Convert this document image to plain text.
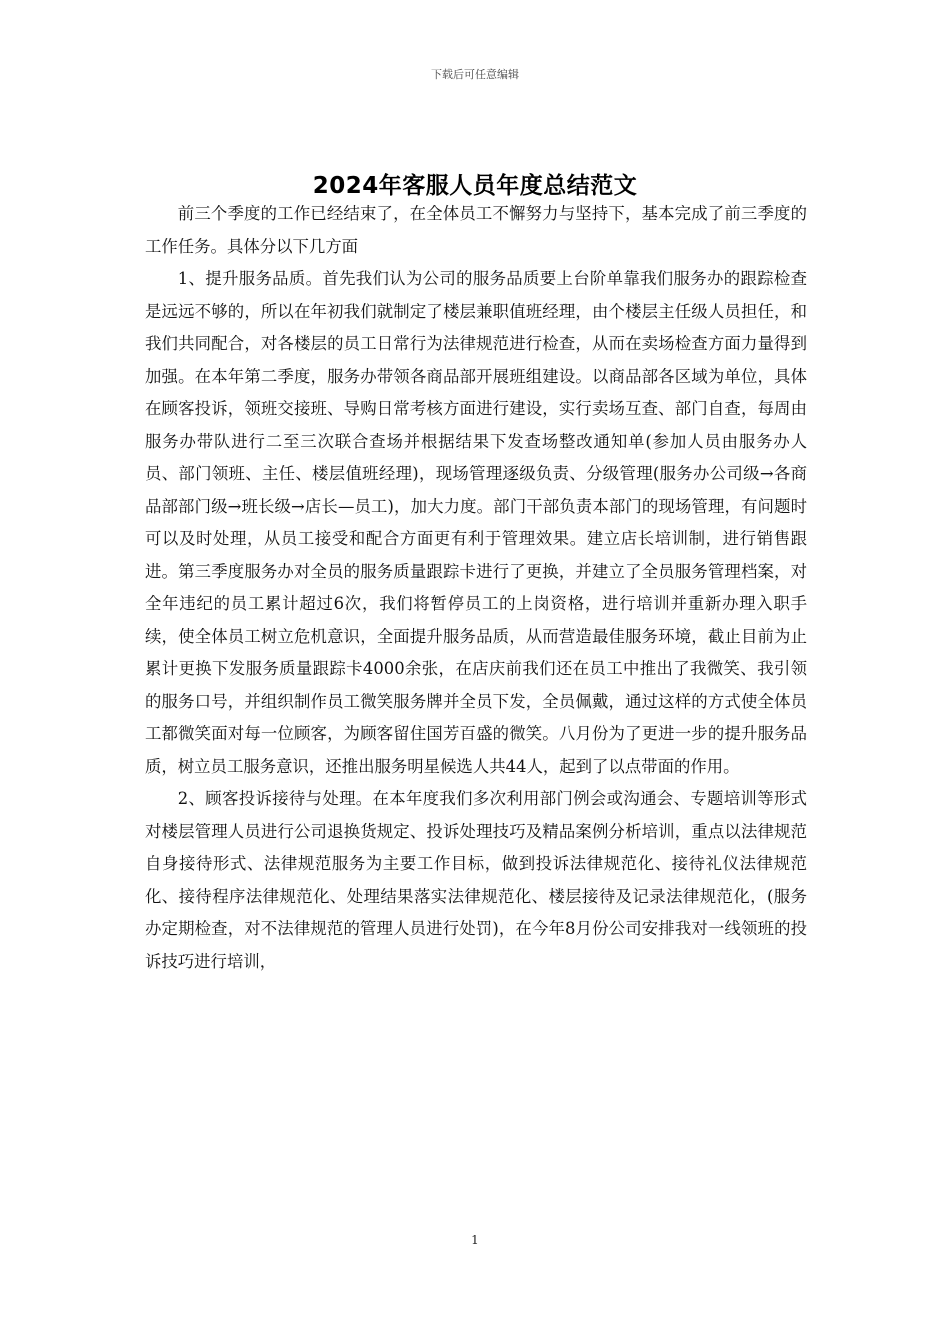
下载后可任意编辑
2024年客服人员年度总结范文

前三个季度的工作已经结束了，在全体员工不懈努力与坚持下，基本完成了前三季度的工作任务。具体分以下几方面

1、提升服务品质。首先我们认为公司的服务品质要上台阶单靠我们服务办的跟踪检查是远远不够的，所以在年初我们就制定了楼层兼职值班经理，由个楼层主任级人员担任，和我们共同配合，对各楼层的员工日常行为法律规范进行检查，从而在卖场检查方面力量得到加强。在本年第二季度，服务办带领各商品部开展班组建设。以商品部各区域为单位，具体在顾客投诉，领班交接班、导购日常考核方面进行建设，实行卖场互查、部门自查，每周由服务办带队进行二至三次联合查场并根据结果下发查场整改通知单(参加人员由服务办人员、部门领班、主任、楼层值班经理)，现场管理逐级负责、分级管理(服务办公司级→各商品部部门级→班长级→店长—员工)，加大力度。部门干部负责本部门的现场管理，有问题时可以及时处理，从员工接受和配合方面更有利于管理效果。建立店长培训制，进行销售跟进。第三季度服务办对全员的服务质量跟踪卡进行了更换，并建立了全员服务管理档案，对全年违纪的员工累计超过6次，我们将暂停员工的上岗资格，进行培训并重新办理入职手续，使全体员工树立危机意识，全面提升服务品质，从而营造最佳服务环境，截止目前为止累计更换下发服务质量跟踪卡4000余张，在店庆前我们还在员工中推出了我微笑、我引领的服务口号，并组织制作员工微笑服务牌并全员下发，全员佩戴，通过这样的方式使全体员工都微笑面对每一位顾客，为顾客留住国芳百盛的微笑。八月份为了更进一步的提升服务品质，树立员工服务意识，还推出服务明星候选人共44人，起到了以点带面的作用。

2、顾客投诉接待与处理。在本年度我们多次利用部门例会或沟通会、专题培训等形式对楼层管理人员进行公司退换货规定、投诉处理技巧及精品案例分析培训，重点以法律规范自身接待形式、法律规范服务为主要工作目标，做到投诉法律规范化、接待礼仪法律规范化、接待程序法律规范化、处理结果落实法律规范化、楼层接待及记录法律规范化，(服务办定期检查，对不法律规范的管理人员进行处罚)，在今年8月份公司安排我对一线领班的投诉技巧进行培训，

1
